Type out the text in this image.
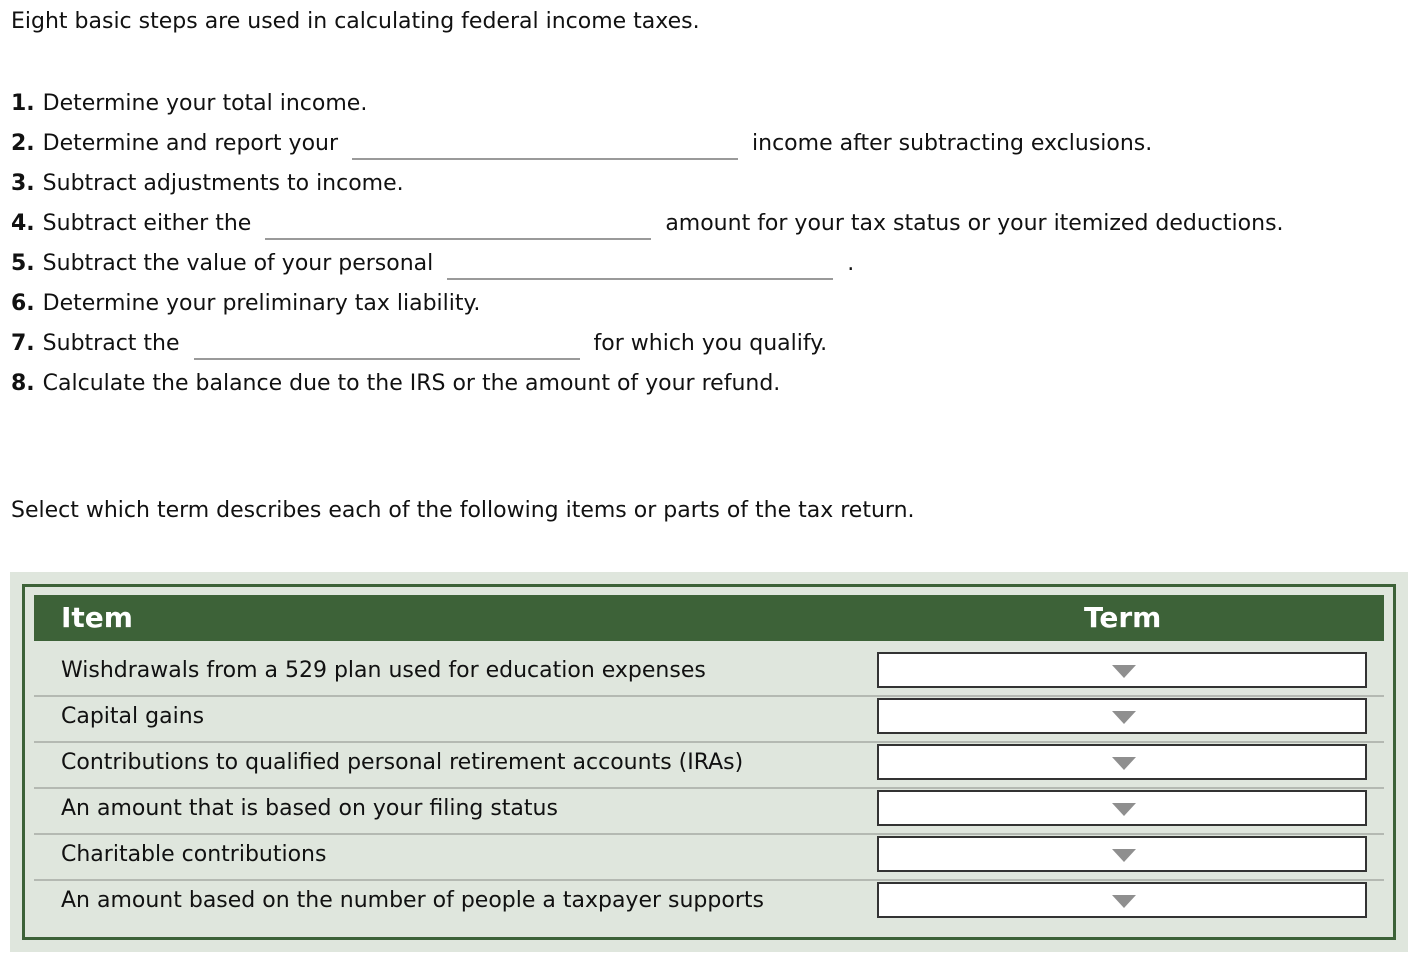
Eight basic steps are used in calculating federal income taxes.
1. Determine your total income.
2. Determine and report your	income after subtracting exclusions.
3. Subtract adjustments to income.
4. Subtract either the	amount for your tax status or your itemized deductions.
5. Subtract the value of your personal	.
6. Determine your preliminary tax liability.
7. Subtract the	for which you qualify.
8. Calculate the balance due to the IRS or the amount of your refund.
Select which term describes each of the following items or parts of the tax return.
Item	Term
Wishdrawals from a 529 plan used for education expenses
Capital gains
Contributions to qualified personal retirement accounts (IRAs)
An amount that is based on your filing status
Charitable contributions
An amount based on the number of people a taxpayer supports
